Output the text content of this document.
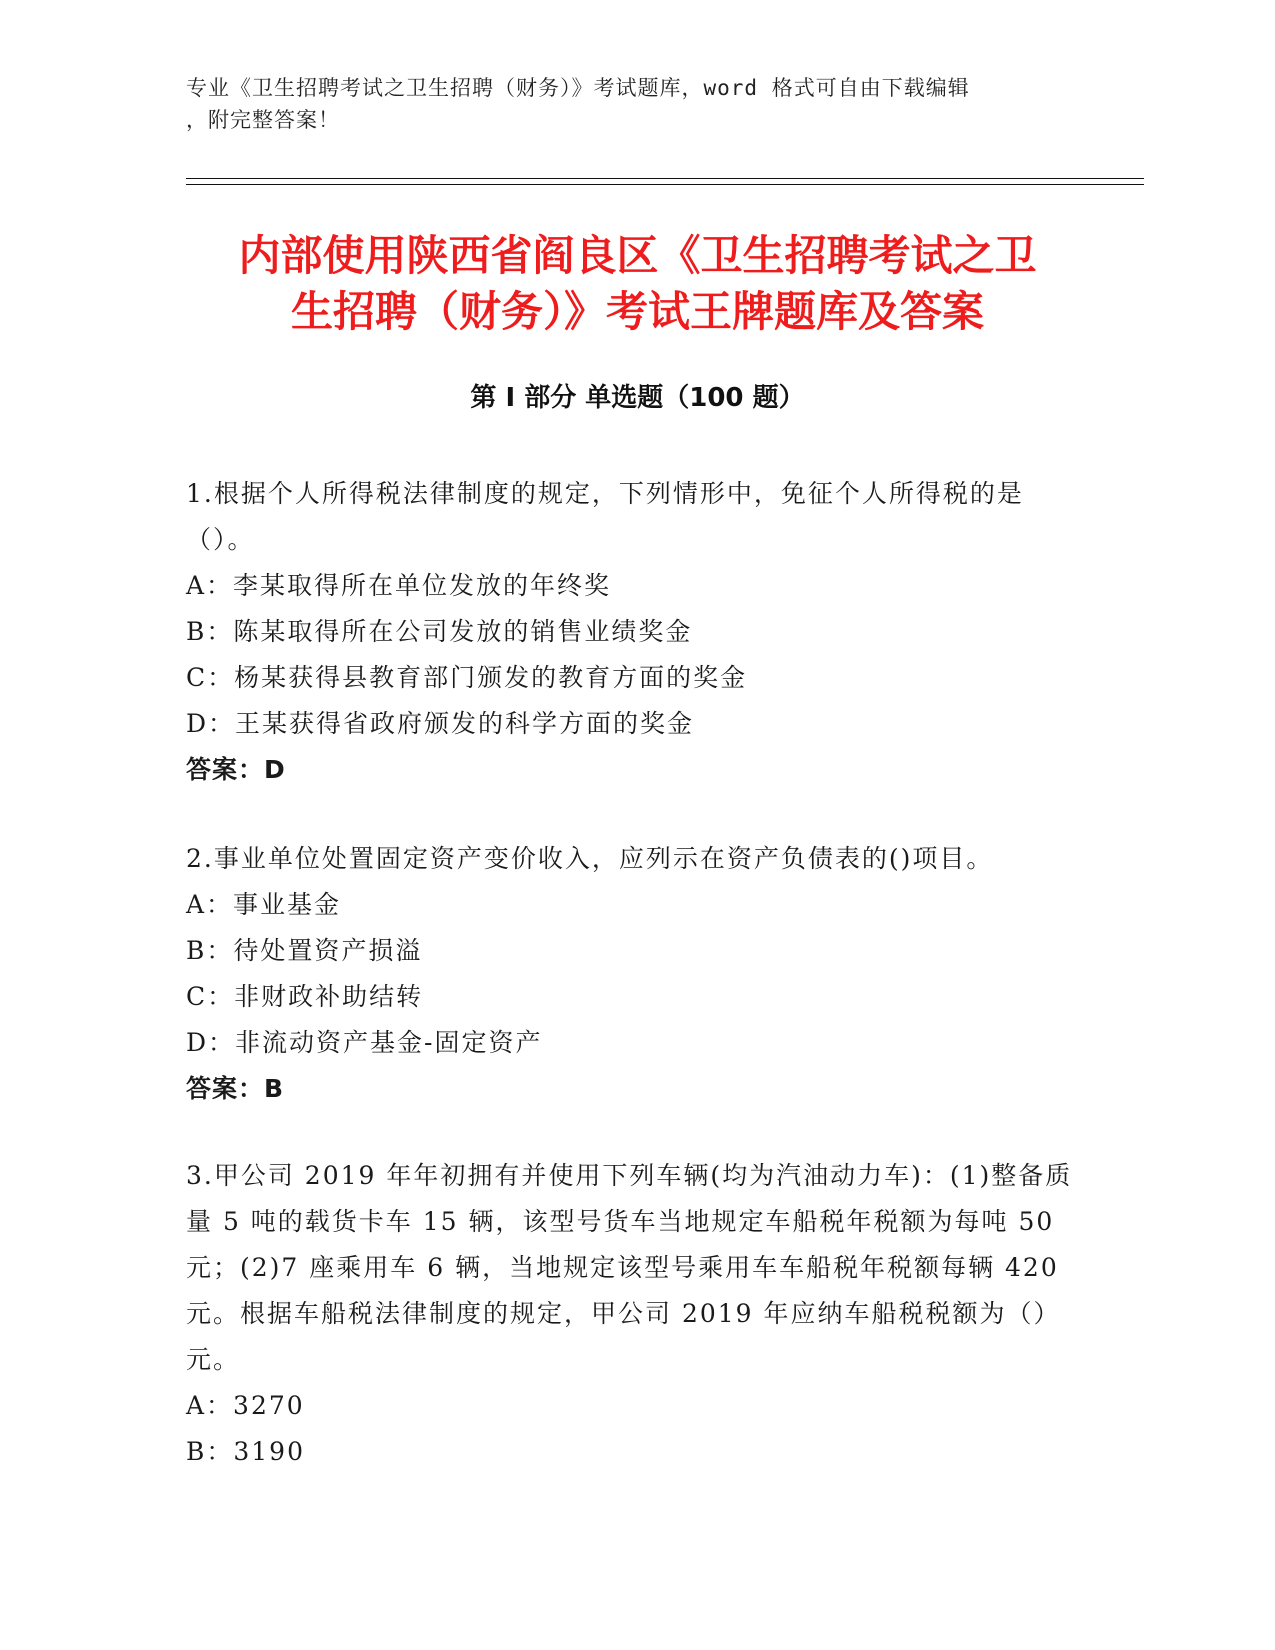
专业《卫生招聘考试之卫生招聘（财务）》考试题库，word 格式可自由下载编辑
，附完整答案！
内部使用陕西省阎良区《卫生招聘考试之卫
生招聘（财务）》考试王牌题库及答案
第 I 部分 单选题（100 题）

1.根据个人所得税法律制度的规定，下列情形中，免征个人所得税的是（）。

A：李某取得所在单位发放的年终奖

B：陈某取得所在公司发放的销售业绩奖金

C：杨某获得县教育部门颁发的教育方面的奖金

D：王某获得省政府颁发的科学方面的奖金

答案：D

2.事业单位处置固定资产变价收入，应列示在资产负债表的()项目。

A：事业基金

B：待处置资产损溢

C：非财政补助结转

D：非流动资产基金-固定资产

答案：B

3.甲公司 2019 年年初拥有并使用下列车辆(均为汽油动力车)：(1)整备质量 5 吨的载货卡车 15 辆，该型号货车当地规定车船税年税额为每吨 50 元；(2)7 座乘用车 6 辆，当地规定该型号乘用车车船税年税额每辆 420 元。根据车船税法律制度的规定，甲公司 2019 年应纳车船税税额为（）元。

A：3270

B：3190
